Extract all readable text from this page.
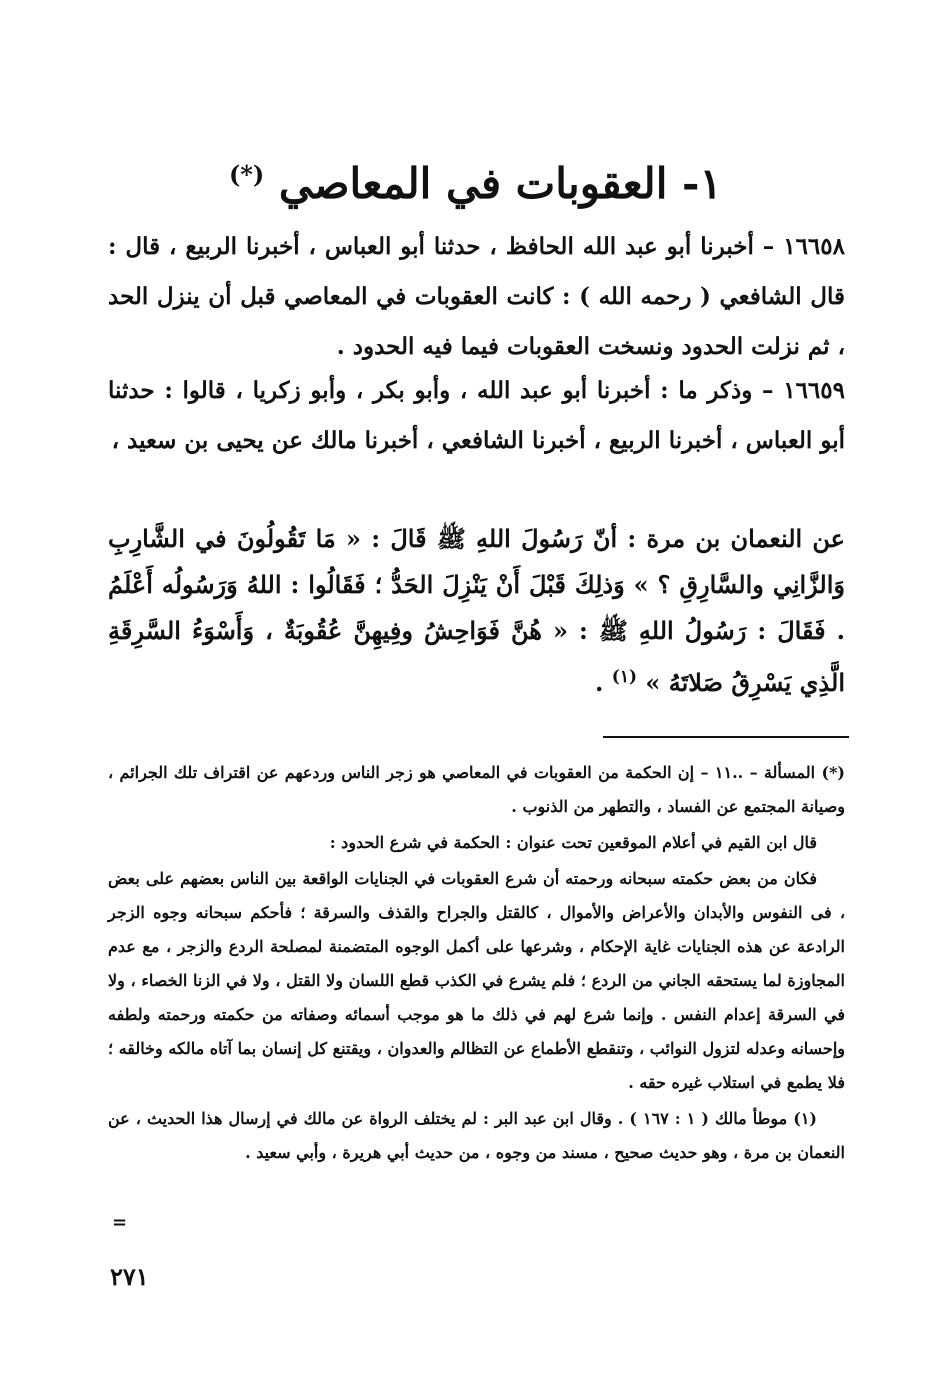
١- العقوبات في المعاصي (*)

١٦٦٥٨ – أخبرنا أبو عبد الله الحافظ ، حدثنا أبو العباس ، أخبرنا الربيع ، قال : قال الشافعي ( رحمه الله ) : كانت العقوبات في المعاصي قبل أن ينزل الحد ، ثم نزلت الحدود ونسخت العقوبات فيما فيه الحدود .

١٦٦٥٩ – وذكر ما : أخبرنا أبو عبد الله ، وأبو بكر ، وأبو زكريا ، قالوا : حدثنا أبو العباس ، أخبرنا الربيع ، أخبرنا الشافعي ، أخبرنا مالك عن يحيى بن سعيد ،

عن النعمان بن مرة : أنّ رَسُولَ اللهِ ﷺ قَالَ : « مَا تَقُولُونَ في الشَّارِبِ وَالزَّانِي والسَّارِقِ ؟ » وَذلِكَ قَبْلَ أَنْ يَنْزِلَ الحَدُّ ؛ فَقَالُوا : اللهُ وَرَسُولُه أَعْلَمُ . فَقَالَ : رَسُولُ اللهِ ﷺ : « هُنَّ فَوَاحِشُ وفِيهِنَّ عُقُوبَةٌ ، وَأَسْوَءُ السَّرِقَةِ الَّذِي يَسْرِقُ صَلاتَهُ » $^{(١)}$ .

(*) المسألة – ..١١ – إن الحكمة من العقوبات في المعاصي هو زجر الناس وردعهم عن اقتراف تلك الجرائم ، وصيانة المجتمع عن الفساد ، والتطهر من الذنوب .

قال ابن القيم في أعلام الموقعين تحت عنوان : الحكمة في شرع الحدود :

فكان من بعض حكمته سبحانه ورحمته أن شرع العقوبات في الجنايات الواقعة بين الناس بعضهم على بعض ، فى النفوس والأبدان والأعراض والأموال ، كالقتل والجراح والقذف والسرقة ؛ فأحكم سبحانه وجوه الزجر الرادعة عن هذه الجنايات غاية الإحكام ، وشرعها على أكمل الوجوه المتضمنة لمصلحة الردع والزجر ، مع عدم المجاوزة لما يستحقه الجاني من الردع ؛ فلم يشرع في الكذب قطع اللسان ولا القتل ، ولا في الزنا الخصاء ، ولا في السرقة إعدام النفس . وإنما شرع لهم في ذلك ما هو موجب أسمائه وصفاته من حكمته ورحمته ولطفه وإحسانه وعدله لتزول النوائب ، وتنقطع الأطماع عن التظالم والعدوان ، ويقتنع كل إنسان بما آتاه مالكه وخالقه ؛ فلا يطمع في استلاب غيره حقه .

(١) موطأ مالك ( ١ : ١٦٧ ) . وقال ابن عبد البر : لم يختلف الرواة عن مالك في إرسال هذا الحديث ، عن النعمان بن مرة ، وهو حديث صحيح ، مسند من وجوه ، من حديث أبي هريرة ، وأبي سعيد .

=
٢٧١
